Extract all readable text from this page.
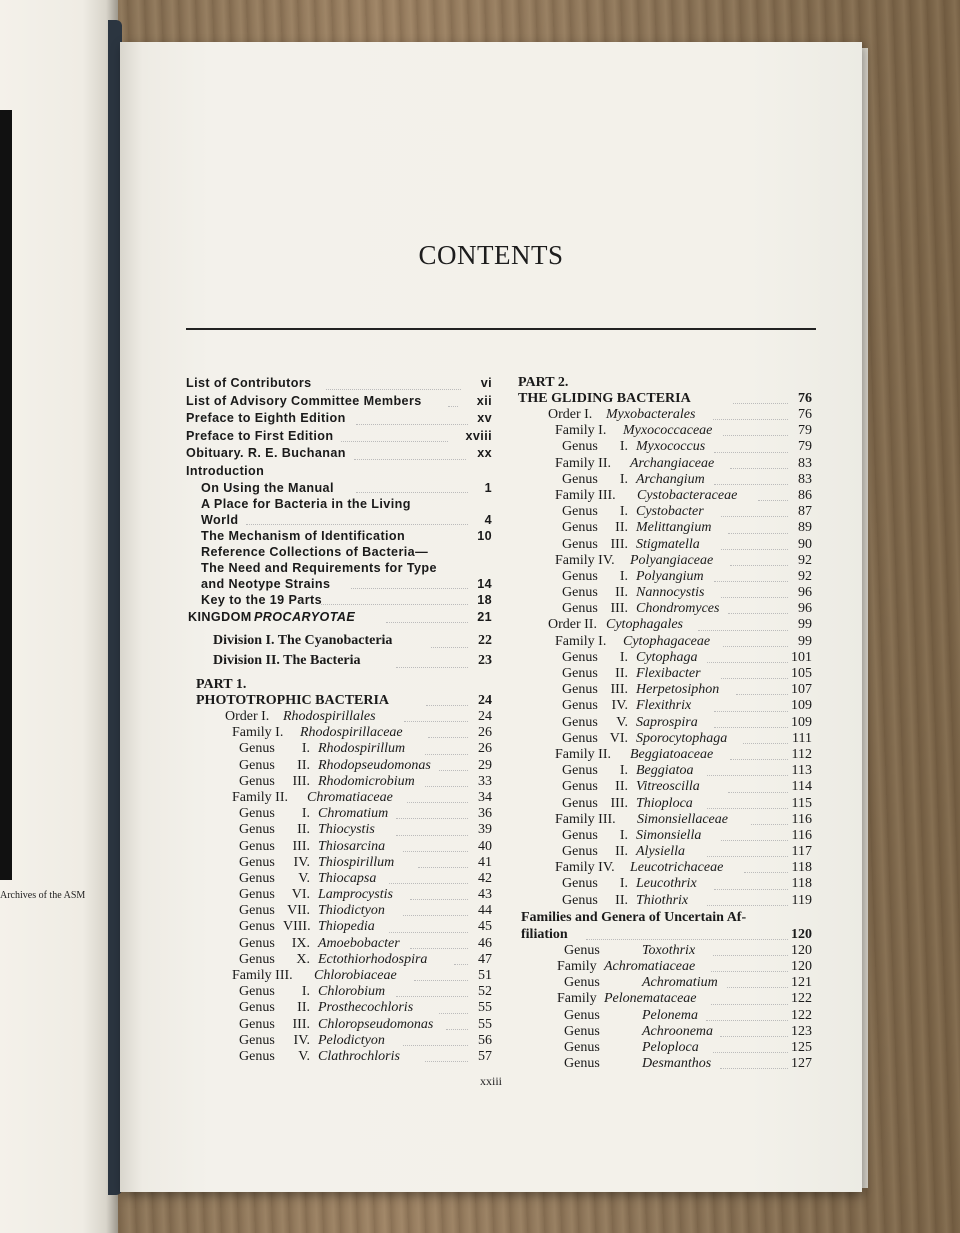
Archives of the ASM
CONTENTS
List of Contributors	vi
List of Advisory Committee Members	xii
Preface to Eighth Edition	xv
Preface to First Edition	xviii
Obituary. R. E. Buchanan	xx
Introduction
On Using the Manual	1
A Place for Bacteria in the Living
World	4
The Mechanism of Identification	10
Reference Collections of Bacteria—
The Need and Requirements for Type
and Neotype Strains	14
Key to the 19 Parts	18
KINGDOM PROCARYOTAE	21
Division I. The Cyanobacteria	22
Division II. The Bacteria	23
PART 1.
PHOTOTROPHIC BACTERIA	24
Order I. Rhodospirillales	24
Family I. Rhodospirillaceae	26
Genus	I. Rhodospirillum	26
Genus	II. Rhodopseudomonas	29
Genus	III. Rhodomicrobium	33
Family II. Chromatiaceae	34
Genus	I. Chromatium	36
Genus	II. Thiocystis	39
Genus	III. Thiosarcina	40
Genus	IV. Thiospirillum	41
Genus	V. Thiocapsa	42
Genus	VI. Lamprocystis	43
Genus VII. Thiodictyon	44
Genus VIII. Thiopedia	45
Genus	IX. Amoebobacter	46
Genus	X. Ectothiorhodospira	47
Family III. Chlorobiaceae	51
Genus	I. Chlorobium	52
Genus	II. Prosthecochloris	55
Genus	III. Chloropseudomonas	55
Genus	IV. Pelodictyon	56
Genus	V. Clathrochloris	57
PART 2.
THE GLIDING BACTERIA	76
Order I. Myxobacterales	76
Family I. Myxococcaceae	79
Genus	I. Myxococcus	79
Family II. Archangiaceae	83
Genus	I. Archangium	83
Family III. Cystobacteraceae	86
Genus	I. Cystobacter	87
Genus	II. Melittangium	89
Genus III. Stigmatella	90
Family IV. Polyangiaceae	92
Genus	I. Polyangium	92
Genus	II. Nannocystis	96
Genus III. Chondromyces	96
Order II. Cytophagales	99
Family I. Cytophagaceae	99
Genus	I. Cytophaga	101
Genus	II. Flexibacter	105
Genus III. Herpetosiphon	107
Genus IV. Flexithrix	109
Genus	V. Saprospira	109
Genus VI. Sporocytophaga	111
Family II. Beggiatoaceae	112
Genus	I. Beggiatoa	113
Genus	II. Vitreoscilla	114
Genus III. Thioploca	115
Family III. Simonsiellaceae	116
Genus	I. Simonsiella	116
Genus	II. Alysiella	117
Family IV. Leucotrichaceae	118
Genus	I. Leucothrix	118
Genus	II. Thiothrix	119
Families and Genera of Uncertain Af-
filiation	120
Genus	Toxothrix	120
Family Achromatiaceae	120
Genus	Achromatium	121
Family Pelonemataceae	122
Genus	Pelonema	122
Genus	Achroonema	123
Genus	Peloploca	125
Genus	Desmanthos	127
xxiii
